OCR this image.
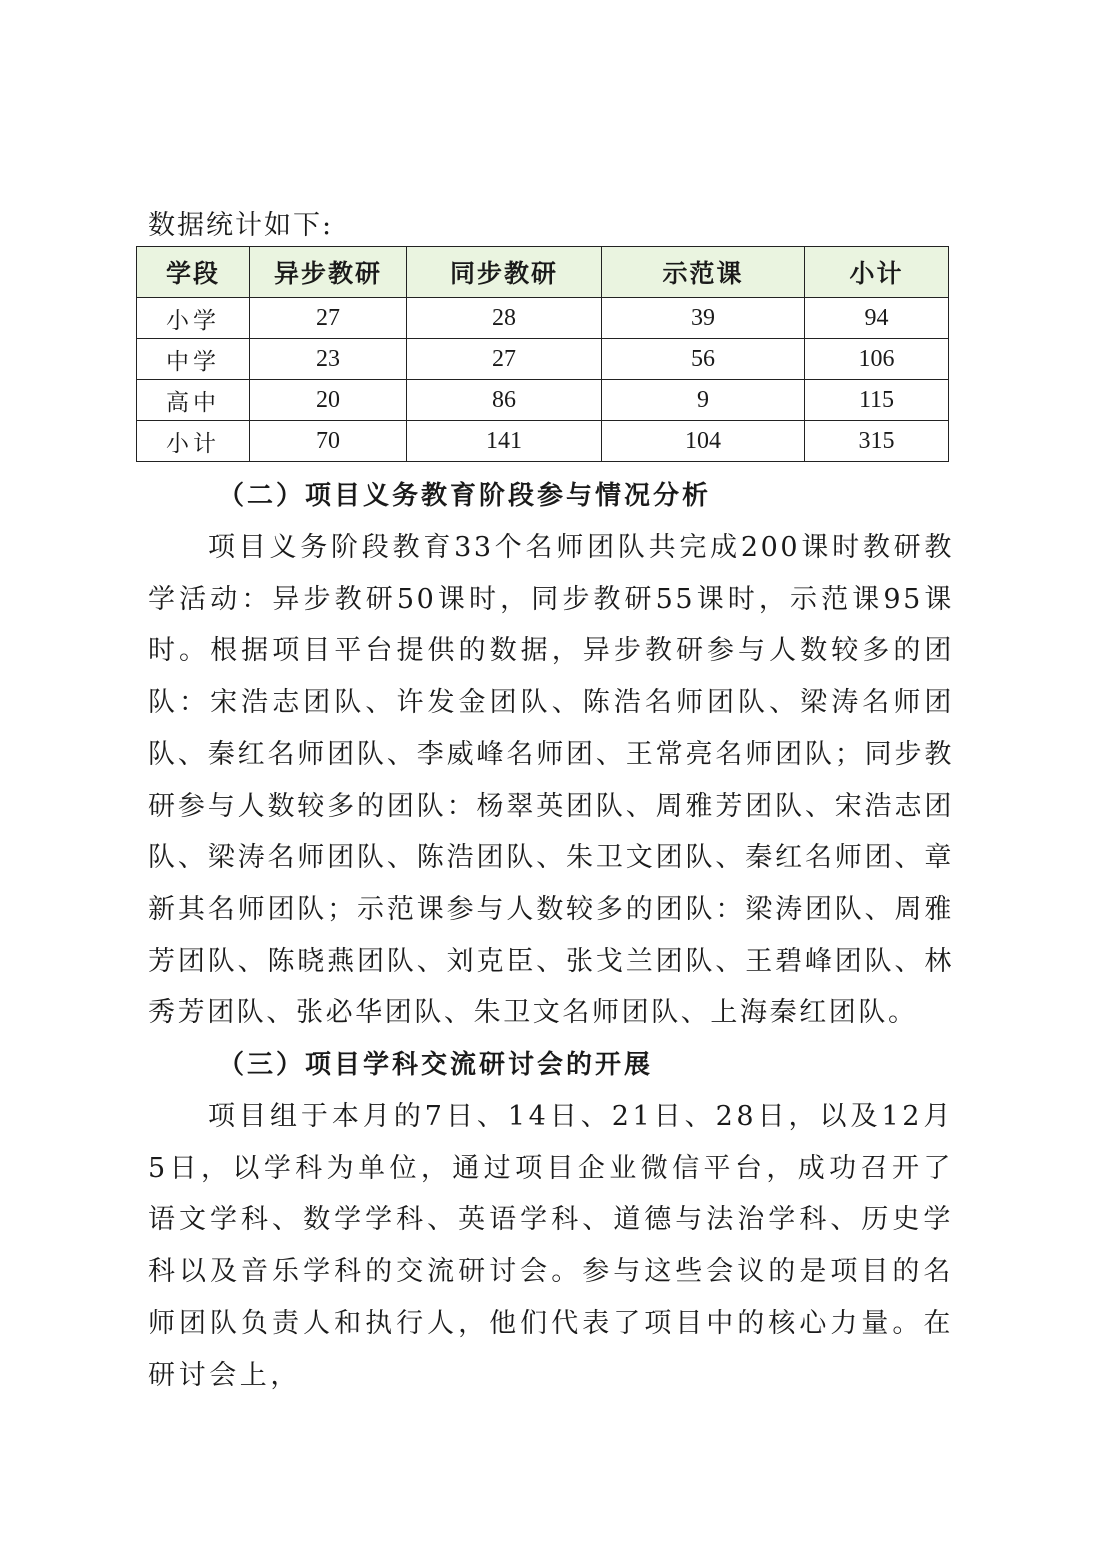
数据统计如下:

学段	异步教研	同步教研	示范课	小计
小学	27	28	39	94
中学	23	27	56	106
高中	20	86	9	115
小计	70	141	104	315
（二）项目义务教育阶段参与情况分析

项目义务阶段教育33个名师团队共完成200课时教研教学活动：异步教研50课时，同步教研55课时，示范课95课时。根据项目平台提供的数据，异步教研参与人数较多的团队：宋浩志团队、许发金团队、陈浩名师团队、梁涛名师团队、秦红名师团队、李威峰名师团、王常亮名师团队；同步教研参与人数较多的团队：杨翠英团队、周雅芳团队、宋浩志团队、梁涛名师团队、陈浩团队、朱卫文团队、秦红名师团、章新其名师团队；示范课参与人数较多的团队：梁涛团队、周雅芳团队、陈晓燕团队、刘克臣、张戈兰团队、王碧峰团队、林秀芳团队、张必华团队、朱卫文名师团队、上海秦红团队。

（三）项目学科交流研讨会的开展

项目组于本月的7日、14日、21日、28日，以及12月5日，以学科为单位，通过项目企业微信平台，成功召开了语文学科、数学学科、英语学科、道德与法治学科、历史学科以及音乐学科的交流研讨会。参与这些会议的是项目的名师团队负责人和执行人，他们代表了项目中的核心力量。在研讨会上，
